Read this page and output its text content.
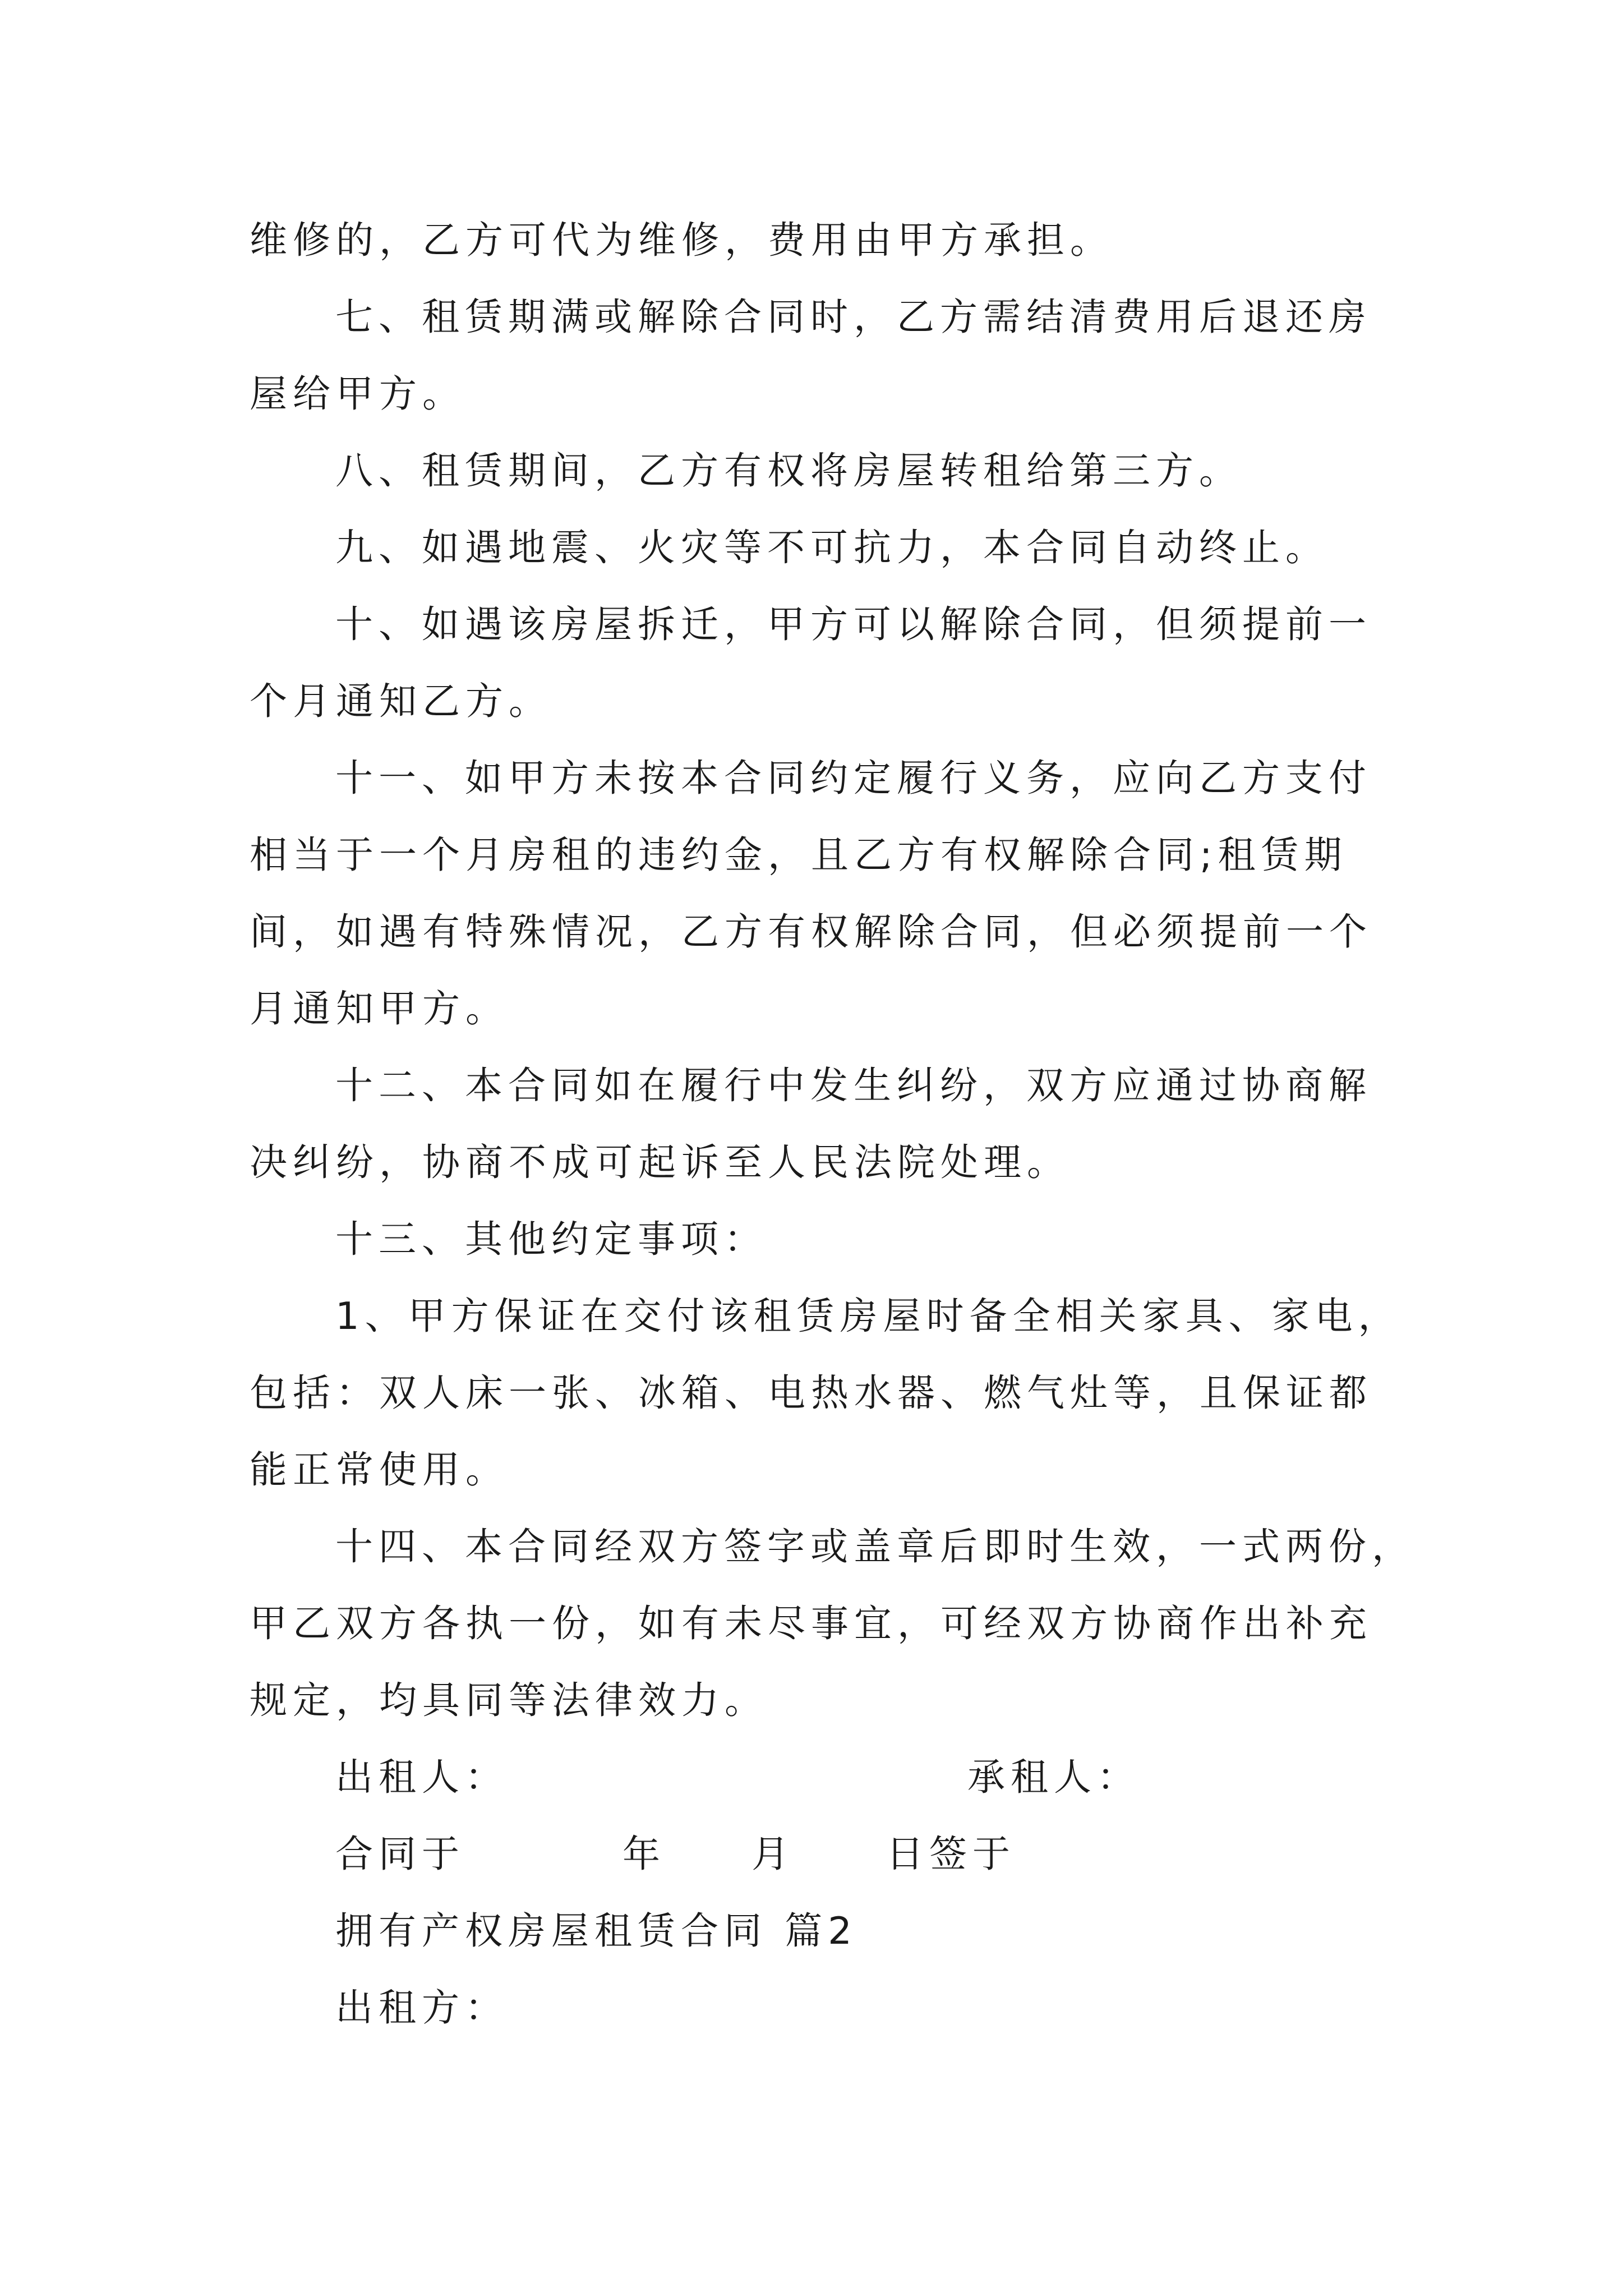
维修的，乙方可代为维修，费用由甲方承担。
七、租赁期满或解除合同时，乙方需结清费用后退还房
屋给甲方。
八、租赁期间，乙方有权将房屋转租给第三方。
九、如遇地震、火灾等不可抗力，本合同自动终止。
十、如遇该房屋拆迁，甲方可以解除合同，但须提前一
个月通知乙方。
十一、如甲方未按本合同约定履行义务，应向乙方支付
相当于一个月房租的违约金，且乙方有权解除合同;租赁期
间，如遇有特殊情况，乙方有权解除合同，但必须提前一个
月通知甲方。
十二、本合同如在履行中发生纠纷，双方应通过协商解
决纠纷，协商不成可起诉至人民法院处理。
十三、其他约定事项：
1、甲方保证在交付该租赁房屋时备全相关家具、家电，
包括：双人床一张、冰箱、电热水器、燃气灶等，且保证都
能正常使用。
十四、本合同经双方签字或盖章后即时生效，一式两份，
甲乙双方各执一份，如有未尽事宜，可经双方协商作出补充
规定，均具同等法律效力。
出租人：	承租人：
合同于	年 月 日签于
拥有产权房屋租赁合同 篇2
出租方：
